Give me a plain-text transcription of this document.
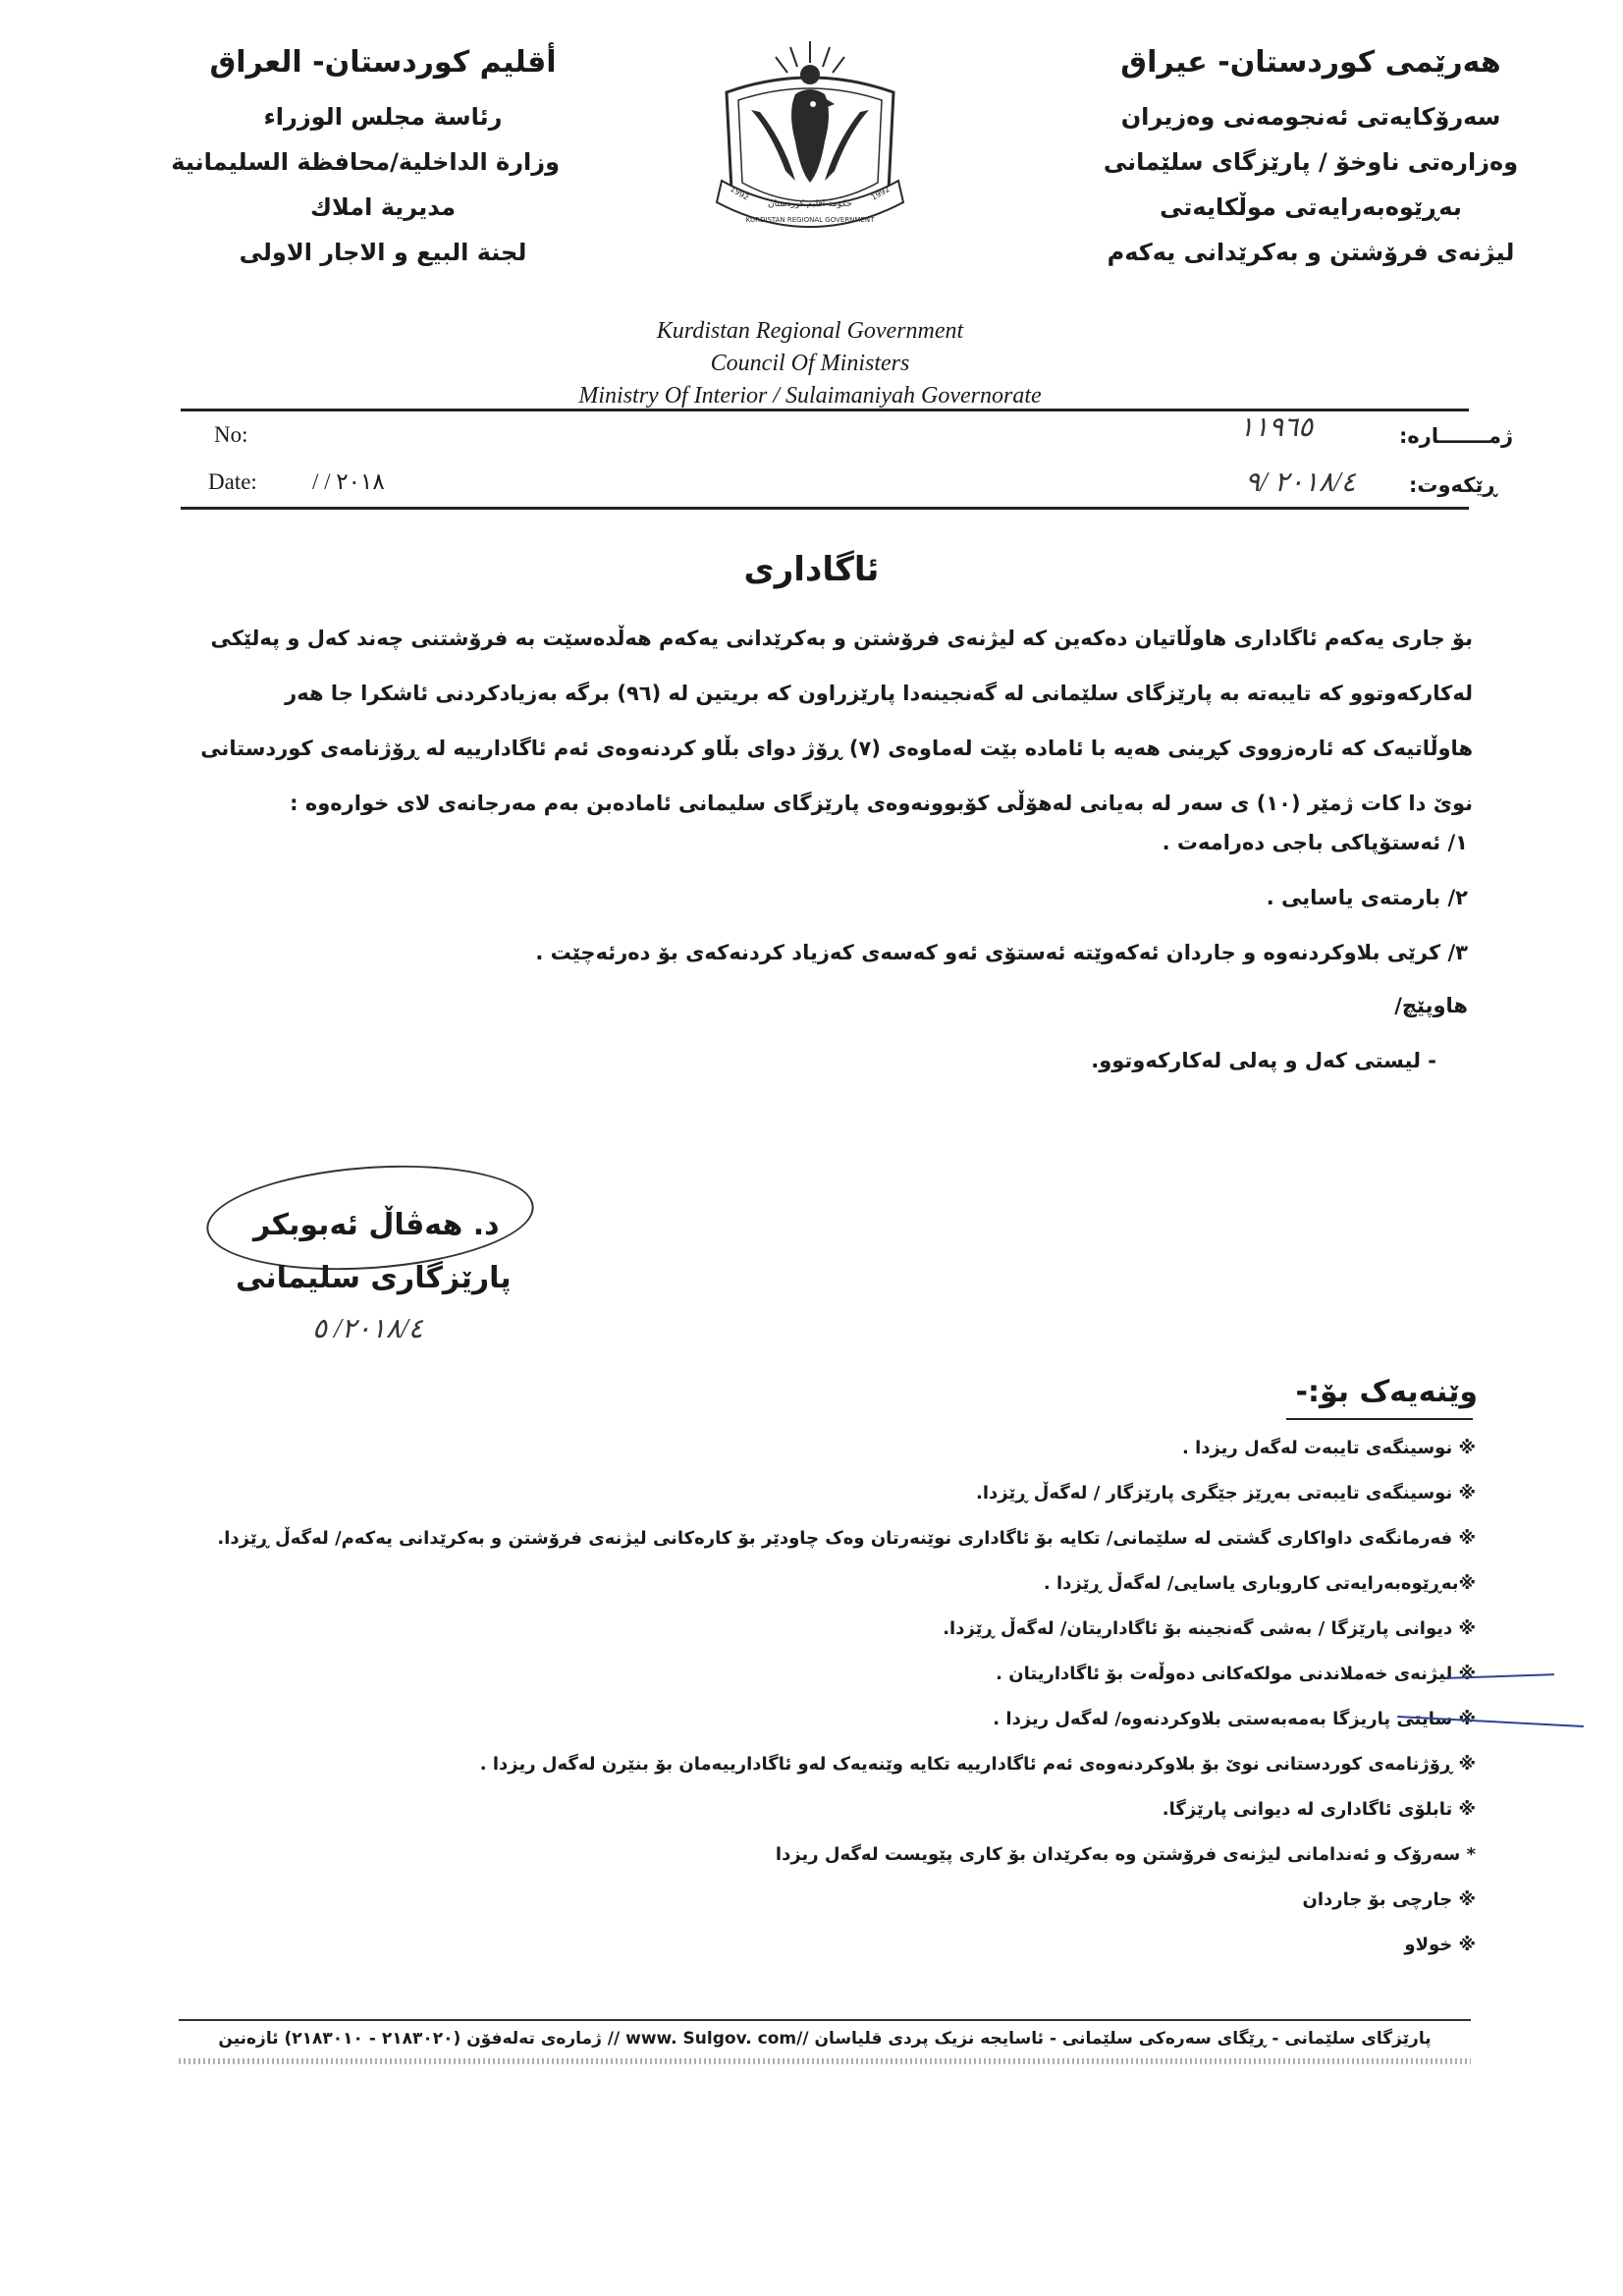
أقليم كوردستان- العراق
رئاسة مجلس الوزراء
وزارة الداخلية/محافظة السليمانية
مديرية املاك
لجنة البيع و الاجار الاولى
حكومة اقليم كوردستان
KURDISTAN REGIONAL GOVERNMENT
1992	1992
هەرێمی کوردستان- عیراق
سەرۆکایەتی ئەنجومەنی وەزیران
وەزارەتی ناوخۆ / پارێزگای سلێمانی
بەڕێوەبەرایەتی موڵکایەتی
لیژنەی فرۆشتن و بەکرێدانی یەکەم
Kurdistan Regional Government
Council Of Ministers
Ministry Of Interior / Sulaimaniyah Governorate
No:
Date: / / ٢٠١٨
١١٩٦٥	ژمـــــــارە:
٢٠١٨/٤ /٩	ڕێکەوت:
ئاگاداری
بۆ جاری یەکەم ئاگاداری هاوڵاتیان دەکەین کە لیژنەی فرۆشتن و بەکرێدانی یەکەم هەڵدەسێت بە فرۆشتنی چەند کەل و پەلێکی
لەکارکەوتوو کە تایبەتە بە پارێزگای سلێمانی لە گەنجینەدا پارێزراون کە بریتین لە (٩٦) برگە بەزیادکردنی ئاشکرا جا هەر
هاوڵاتیەک کە ئارەزووی کڕینی هەیە با ئامادە بێت لەماوەی (٧) ڕۆژ دوای بڵاو کردنەوەی ئەم ئاگادارییە لە ڕۆژنامەی کوردستانی
نوێ دا کات ژمێر (١٠) ی سەر لە بەیانی لەهۆڵی کۆبوونەوەی پارێزگای سلیمانی ئامادەبن بەم مەرجانەی لای خوارەوە :
١/ ئەستۆپاکی باجی دەرامەت .
٢/ بارمتەی یاسایی .
٣/ کرێی بلاوکردنەوە و جاردان ئەکەوێتە ئەستۆی ئەو کەسەی کەزیاد کردنەکەی بۆ دەرئەچێت .
هاوپێچ/
- لیستی کەل و پەلی لەکارکەوتوو.
د. هەڤاڵ ئەبوبکر
پارێزگاری سلیمانی
٢٠١٨/٤/ ٥
وێنەیەک بۆ:-
※ نوسینگەی تایبەت لەگەل ریزدا .
※ نوسینگەی تایبەتی بەڕێز جێگری پارێزگار / لەگەڵ ڕێزدا.
※ فەرمانگەی داواکاری گشتی لە سلێمانی/ تکایە بۆ ئاگاداری نوێنەرتان وەک چاودێر بۆ کارەکانی لیژنەی فرۆشتن و بەکرێدانی یەکەم/ لەگەڵ ڕێزدا.
※بەڕێوەبەرایەتی کاروباری یاسایی/ لەگەڵ ڕێزدا .
※ دیوانی پارێزگا / بەشی گەنجینە بۆ ئاگاداریتان/ لەگەڵ ڕێزدا.
※ لیژنەی خەملاندنی مولکەکانی دەوڵەت بۆ ئاگاداریتان .
※ سایتی پاریزگا بەمەبەستی بلاوکردنەوە/ لەگەل ریزدا .
※ ڕۆژنامەی کوردستانی نوێ بۆ بلاوکردنەوەی ئەم ئاگادارییە تکایە وێنەیەک لەو ئاگادارییەمان بۆ بنێرن لەگەل ریزدا .
※ تابلۆی ئاگاداری لە دیوانی پارێزگا.
* سەرۆک و ئەندامانی لیژنەی فرۆشتن وە بەکرێدان بۆ کاری پێویست لەگەل ریزدا
※ جارچی بۆ جاردان
※ خولاو
پارێزگای سلێمانی - ڕێگای سەرەکی سلێمانی - ئاسایجە نزیک پردی قلیاسان //www. Sulgov. com // ژمارەی تەلەفۆن (٢١٨٣٠٢٠ - ٢١٨٣٠١٠) ئازەنین
